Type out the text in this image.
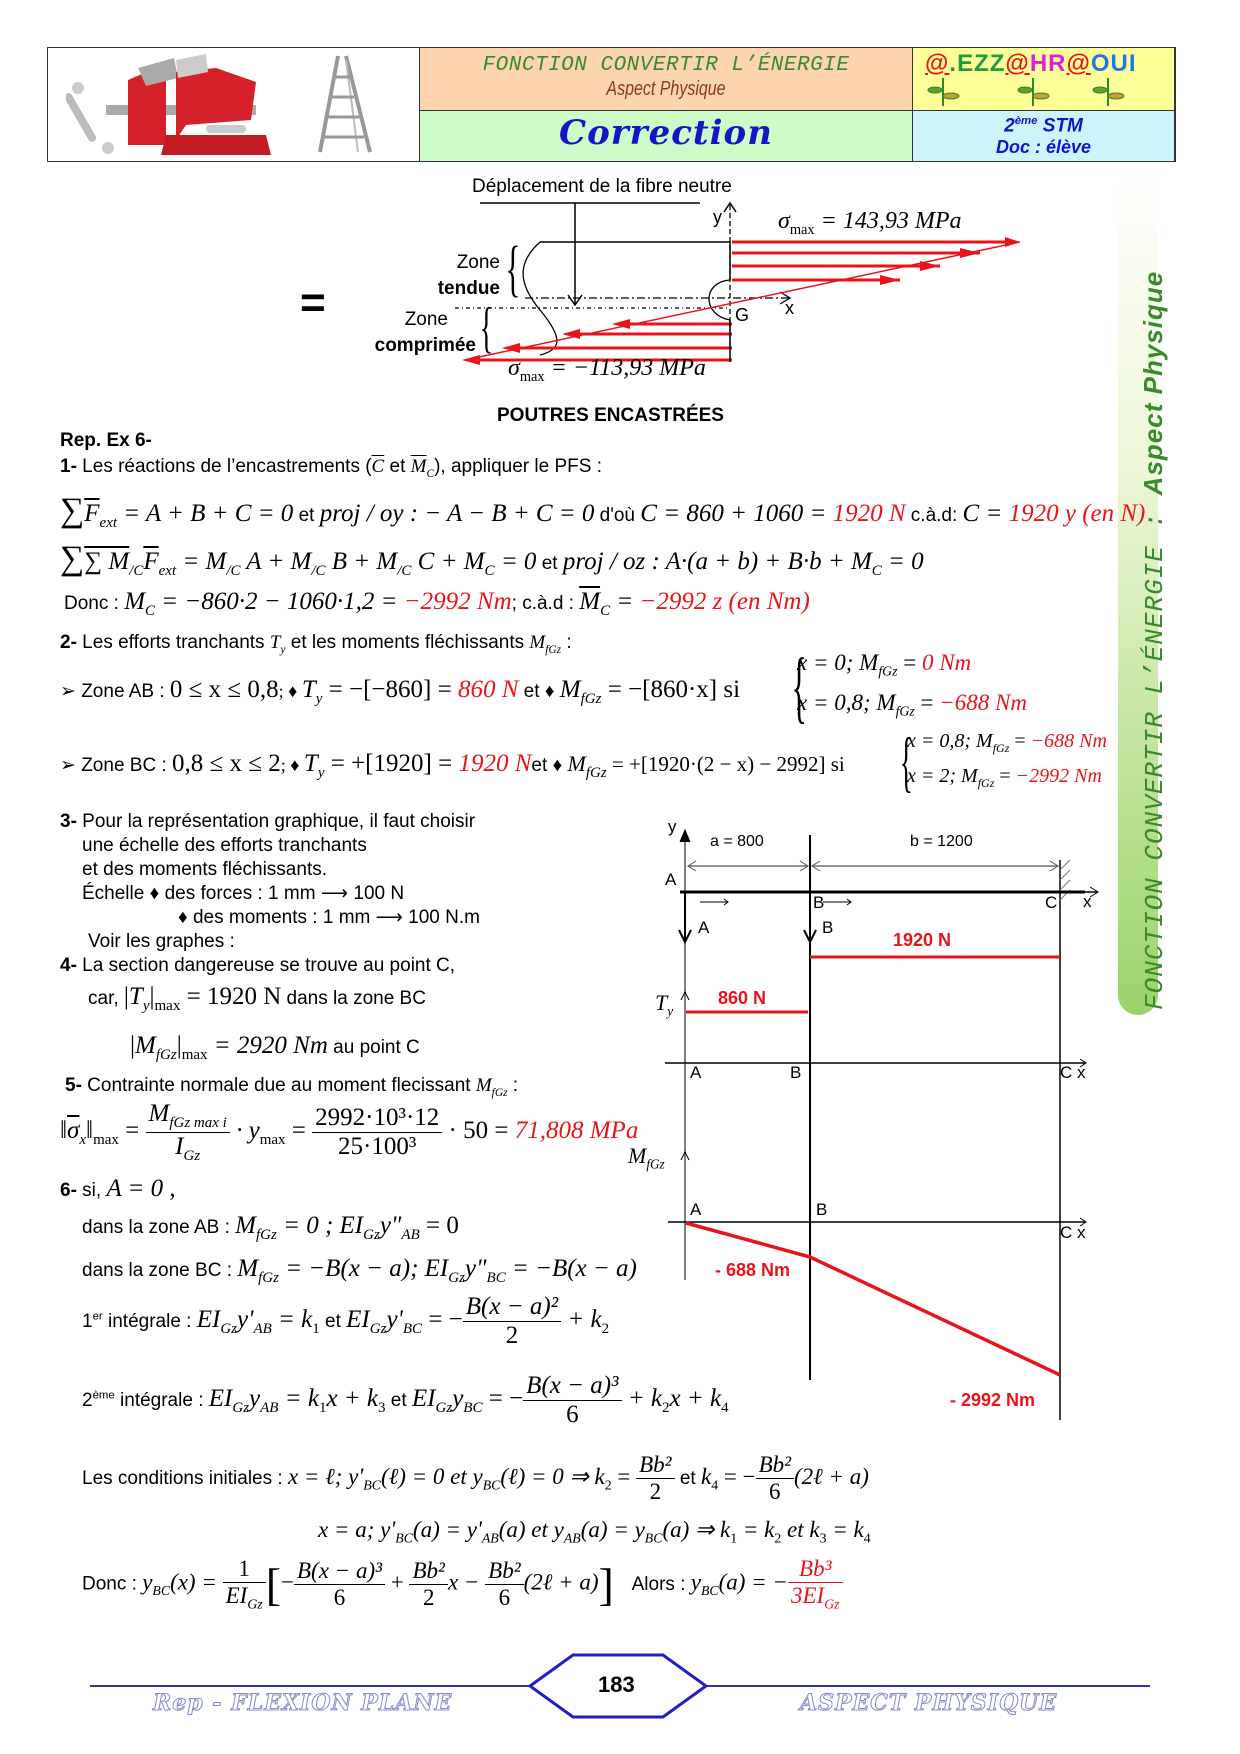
FONCTION CONVERTIR L’ÉNERGIE
Aspect Physique
Correction
@.EZZ@HR@OUI
2ème STM
Doc : élève
FONCTION CONVERTIR L’ÉNERGIE : Aspect Physique
=
Déplacement de la fibre neutre
y
x
G
Zone
tendue {
Zone
comprimée {
$\sigma_{max} = 143,93$ MPa
$\sigma_{max} = -113,93$ MPa
POUTRES ENCASTRÉES
Rep. Ex 6-
1- Les réactions de l’encastrements ($\overline{C}$ et $\overline{M}_C$), appliquer le PFS :
$\sum\overline{F}_{ext} = A + B + C = 0$ et proj / oy : − A − B + C = 0 d'où C = 860 + 1060 = 1920 N c.à.d: C = 1920 y (en N)
∑∑ $M_{/C}\overline{F}_{ext} = M_{/C}$ $A + M_{/C}$ $B + M_{/C}$ $C + M_C = 0$ et proj / oz : $A\cdot(a + b) + B\cdot b + M_C = 0$
Donc : $M_C = -860\cdot 2 - 1060\cdot 1,2 = -2992$ Nm; c.à.d : $\overline{M}_C = -2992$ z (en Nm)
2- Les efforts tranchants $T_y$ et les moments fléchissants $M_{fGz}$ :
➢ Zone AB : 0 ≤ x ≤ 0,8; ♦ $T_y = -[-860] = 860$ N et ♦ $M_{fGz} = -[860\cdot x]$ si {
x = 0; $M_{fGz} = 0$ Nm
x = 0,8; $M_{fGz} = -688$ Nm
➢ Zone BC : 0,8 ≤ x ≤ 2; ♦ $T_y = +[1920] = 1920$ Net ♦ $M_{fGz} = +[1920\cdot(2 - x) - 2992]$ si {
x = 0,8; $M_{fGz} = -688$ Nm
x = 2; $M_{fGz} = -2992$ Nm
3- Pour la représentation graphique, il faut choisir
une échelle des efforts tranchants
et des moments fléchissants.
Échelle ♦ des forces : 1 mm ⟶ 100 N
♦ des moments : 1 mm ⟶ 100 N.m
Voir les graphes :
4- La section dangereuse se trouve au point C,
car, $|T_y|_{max} = 1920$ N dans la zone BC
$|M_{fGz}|_{max} = 2920$ Nm au point C
5- Contrainte normale due au moment flecissant $M_{fGz}$ :
$‖\overline{\sigma}_x‖_{max} = \frac{M_{fGz max i}}{I_{Gz}} \cdot y_{max} = \frac{\text{2992·10³·12}}{\text{25·100³}} \cdot 50 = 71,808$ MPa
6- si, A = 0 ,
dans la zone AB : $M_{fGz} = 0$ ; $EI_{Gz}y"_{AB} = 0$
dans la zone BC : $M_{fGz} = -B(x - a)$; $EI_{Gz}y"_{BC} = -B(x - a)$
1er intégrale : $EI_{Gz}y'_{AB} = k_1$ et $EI_{Gz}y'_{BC}$ = − $\frac{\text{B(x − a)²}}{2} + k_2$
2ème intégrale : $EI_{Gz}y_{AB} = k_1x + k_3$ et $EI_{Gz}y_{BC}$ = − $\frac{\text{B(x − a)³}}{6} + k_2x + k_4$
Les conditions initiales : x = ℓ; $y'_{BC}(\ell) = 0$ et $y_{BC}(\ell) = 0$ ⇒ $k_2 = \frac{\text{Bb²}}{2}$ et $k_4$ = − $\frac{\text{Bb²}}{6}$ (2ℓ + a)
x = a; $y'_{BC}(a) = y'_{AB}(a)$ et $y_{AB}(a) = y_{BC}(a)$ ⇒ $k_1 = k_2$ et $k_3 = k_4$
Donc : $y_{BC}(x) = \frac{1}{EI_{Gz}}$ [− $\frac{\text{B(x − a)³}}{6} + \frac{\text{Bb²}}{2}$ $x - \frac{\text{Bb²}}{6}$ (2ℓ + a)] Alors : $y_{BC}(a)$ = − $\frac{\text{Bb³}}{3EI_{Gz}}$
y
a = 800	b = 1200
A
B	C x
A	B
1920 N
860 N
$T_y$
A	B	C x
$M_{fGz}$
A	B
C x
- 688 Nm
- 2992 Nm
183
Rep - FLEXION PLANE	ASPECT PHYSIQUE
